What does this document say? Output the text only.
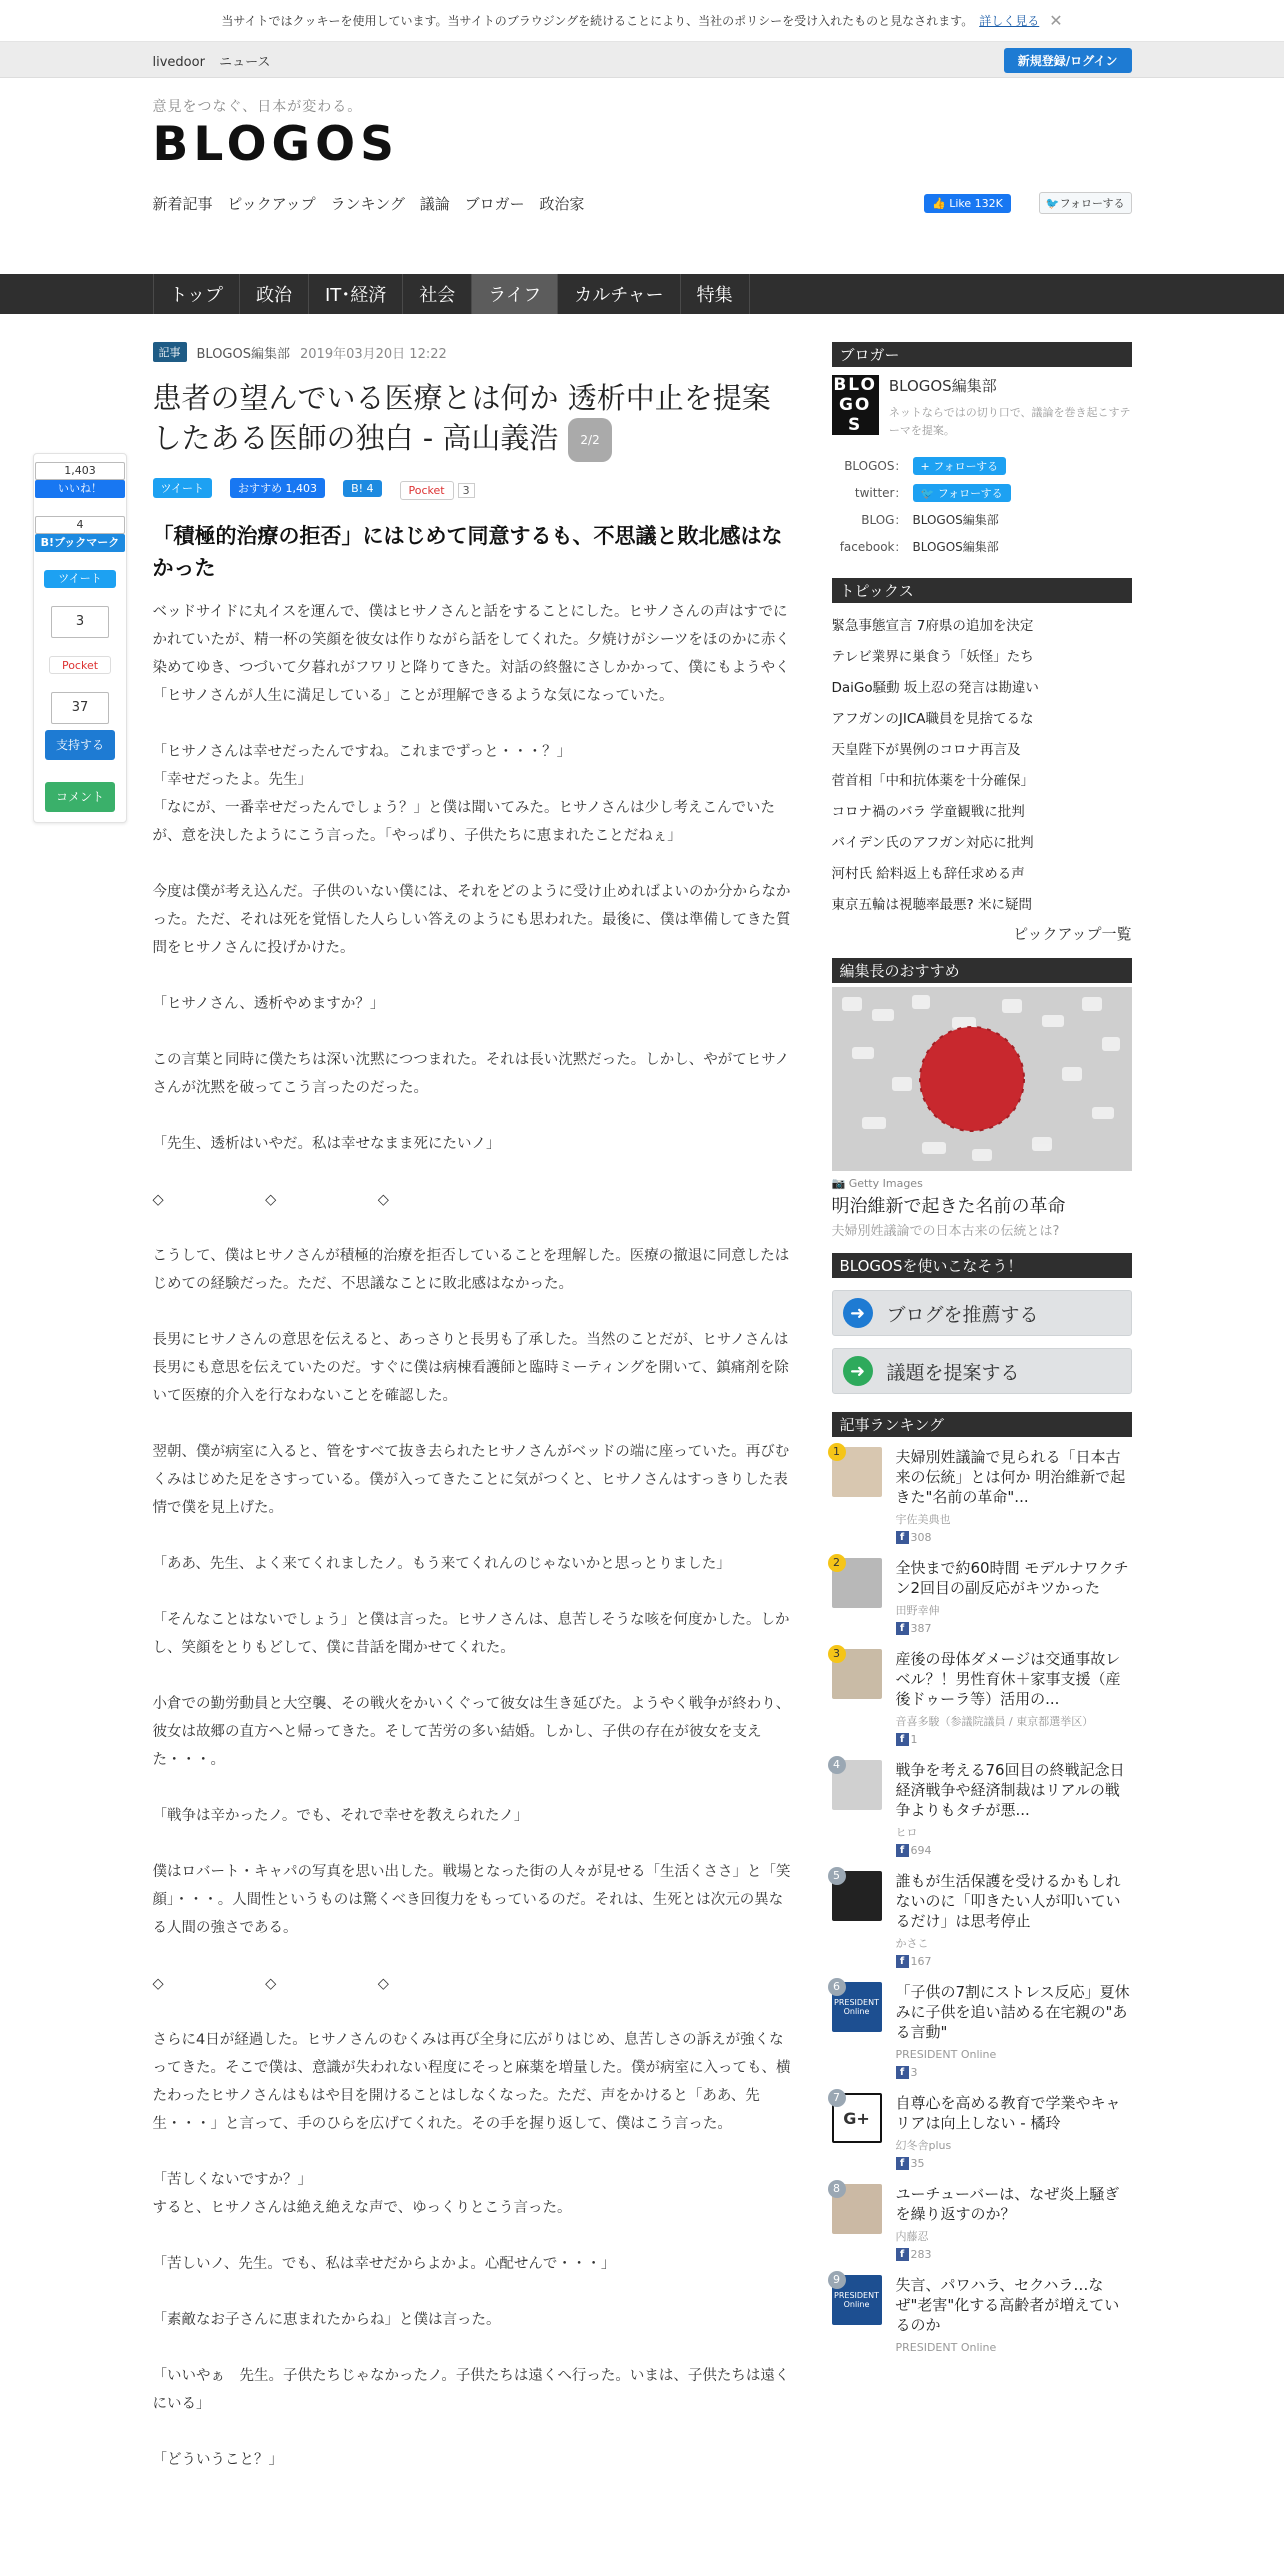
当サイトではクッキーを使用しています。当サイトのブラウジングを続けることにより、当社のポリシーを受け入れたものと見なされます。 詳しく見る ✕
livedoor ニュース	新規登録/ログイン
意見をつなぐ、日本が変わる。
BLOGOS
新着記事 ピックアップ ランキング 議論 ブロガー 政治家	👍 Like 132K	🐦フォローする
トップ	政治	IT･経済	社会	ライフ	カルチャー	特集
1,403
いいね！
4
B!ブックマーク
ツイート
3
Pocket
37
支持する
コメント
記事	BLOGOS編集部 2019年03月20日 12:22
患者の望んでいる医療とは何か 透析中止を提案したある医師の独白 - 高山義浩 2/2
ツイート	おすすめ 1,403	B! 4	Pocket 3
「積極的治療の拒否」にはじめて同意するも、不思議と敗北感はなかった

ベッドサイドに丸イスを運んで、僕はヒサノさんと話をすることにした。ヒサノさんの声はすでにかれていたが、精一杯の笑顔を彼女は作りながら話をしてくれた。夕焼けがシーツをほのかに赤く染めてゆき、つづいて夕暮れがフワリと降りてきた。対話の終盤にさしかかって、僕にもようやく「ヒサノさんが人生に満足している」ことが理解できるような気になっていた。

「ヒサノさんは幸せだったんですね。これまでずっと・・・？」

「幸せだったよ。先生」

「なにが、一番幸せだったんでしょう？」と僕は聞いてみた。ヒサノさんは少し考えこんでいたが、意を決したようにこう言った。「やっぱり、子供たちに恵まれたことだねぇ」

今度は僕が考え込んだ。子供のいない僕には、それをどのように受け止めればよいのか分からなかった。ただ、それは死を覚悟した人らしい答えのようにも思われた。最後に、僕は準備してきた質問をヒサノさんに投げかけた。

「ヒサノさん、透析やめますか？」

この言葉と同時に僕たちは深い沈黙につつまれた。それは長い沈黙だった。しかし、やがてヒサノさんが沈黙を破ってこう言ったのだった。

「先生、透析はいやだ。私は幸せなまま死にたいノ」

◇　　　　　　　◇　　　　　　　◇

こうして、僕はヒサノさんが積極的治療を拒否していることを理解した。医療の撤退に同意したはじめての経験だった。ただ、不思議なことに敗北感はなかった。

長男にヒサノさんの意思を伝えると、あっさりと長男も了承した。当然のことだが、ヒサノさんは長男にも意思を伝えていたのだ。すぐに僕は病棟看護師と臨時ミーティングを開いて、鎮痛剤を除いて医療的介入を行なわないことを確認した。

翌朝、僕が病室に入ると、管をすべて抜き去られたヒサノさんがベッドの端に座っていた。再びむくみはじめた足をさすっている。僕が入ってきたことに気がつくと、ヒサノさんはすっきりした表情で僕を見上げた。

「ああ、先生、よく来てくれましたノ。もう来てくれんのじゃないかと思っとりました」

「そんなことはないでしょう」と僕は言った。ヒサノさんは、息苦しそうな咳を何度かした。しかし、笑顔をとりもどして、僕に昔話を聞かせてくれた。

小倉での勤労動員と大空襲、その戦火をかいくぐって彼女は生き延びた。ようやく戦争が終わり、彼女は故郷の直方へと帰ってきた。そして苦労の多い結婚。しかし、子供の存在が彼女を支えた・・・。

「戦争は辛かったノ。でも、それで幸せを教えられたノ」

僕はロバート・キャパの写真を思い出した。戦場となった街の人々が見せる「生活くささ」と「笑顔」・・・。人間性というものは驚くべき回復力をもっているのだ。それは、生死とは次元の異なる人間の強さである。

◇　　　　　　　◇　　　　　　　◇

さらに4日が経過した。ヒサノさんのむくみは再び全身に広がりはじめ、息苦しさの訴えが強くなってきた。そこで僕は、意識が失われない程度にそっと麻薬を増量した。僕が病室に入っても、横たわったヒサノさんはもはや目を開けることはしなくなった。ただ、声をかけると「ああ、先生・・・」と言って、手のひらを広げてくれた。その手を握り返して、僕はこう言った。

「苦しくないですか？」

すると、ヒサノさんは絶え絶えな声で、ゆっくりとこう言った。

「苦しいノ、先生。でも、私は幸せだからよかよ。心配せんで・・・」

「素敵なお子さんに恵まれたからね」と僕は言った。

「いいやぁ　先生。子供たちじゃなかったノ。子供たちは遠くへ行った。いまは、子供たちは遠くにいる」

「どういうこと？」

ブロガー
BLOGOS
BLOGOS編集部
ネットならではの切り口で、議論を巻き起こすテーマを提案。
BLOGOS：	+ フォローする
twitter：	🐦 フォローする
BLOG： BLOGOS編集部
facebook： BLOGOS編集部
トピックス
緊急事態宣言 7府県の追加を決定
テレビ業界に巣食う「妖怪」たち
DaiGo騒動 坂上忍の発言は勘違い
アフガンのJICA職員を見捨てるな
天皇陛下が異例のコロナ再言及
菅首相「中和抗体薬を十分確保」
コロナ禍のバラ 学童観戦に批判
バイデン氏のアフガン対応に批判
河村氏 給料返上も辞任求める声
東京五輪は視聴率最悪? 米に疑問
ピックアップ一覧
編集長のおすすめ
📷 Getty Images
明治維新で起きた名前の革命
夫婦別姓議論での日本古来の伝統とは?
BLOGOSを使いこなそう！
➜	ブログを推薦する
➜	議題を提案する
記事ランキング
1	夫婦別姓議論で見られる「日本古来の伝統」とは何か 明治維新で起きた"名前の革命"...
宇佐美典也
f 308
2	全快まで約60時間 モデルナワクチン2回目の副反応がキツかった
田野幸伸
f 387
3	産後の母体ダメージは交通事故レベル？！男性育休＋家事支援（産後ドゥーラ等）活用の...
音喜多駿（参議院議員 / 東京都選挙区）
f 1
4	戦争を考える76回目の終戦記念日 経済戦争や経済制裁はリアルの戦争よりもタチが悪...
ヒロ
f 694
5	誰もが生活保護を受けるかもしれないのに「叩きたい人が叩いているだけ」は思考停止
かさこ
f 167
6
PRESIDENT
Online
「子供の7割にストレス反応」夏休みに子供を追い詰める在宅親の"ある言動"
PRESIDENT Online
f 3
7
G+
自尊心を高める教育で学業やキャリアは向上しない - 橘玲
幻冬舎plus
f 35
8	ユーチューバーは、なぜ炎上騒ぎを繰り返すのか？
内藤忍
f 283
9
PRESIDENT
Online
失言、パワハラ、セクハラ…なぜ"老害"化する高齢者が増えているのか
PRESIDENT Online
